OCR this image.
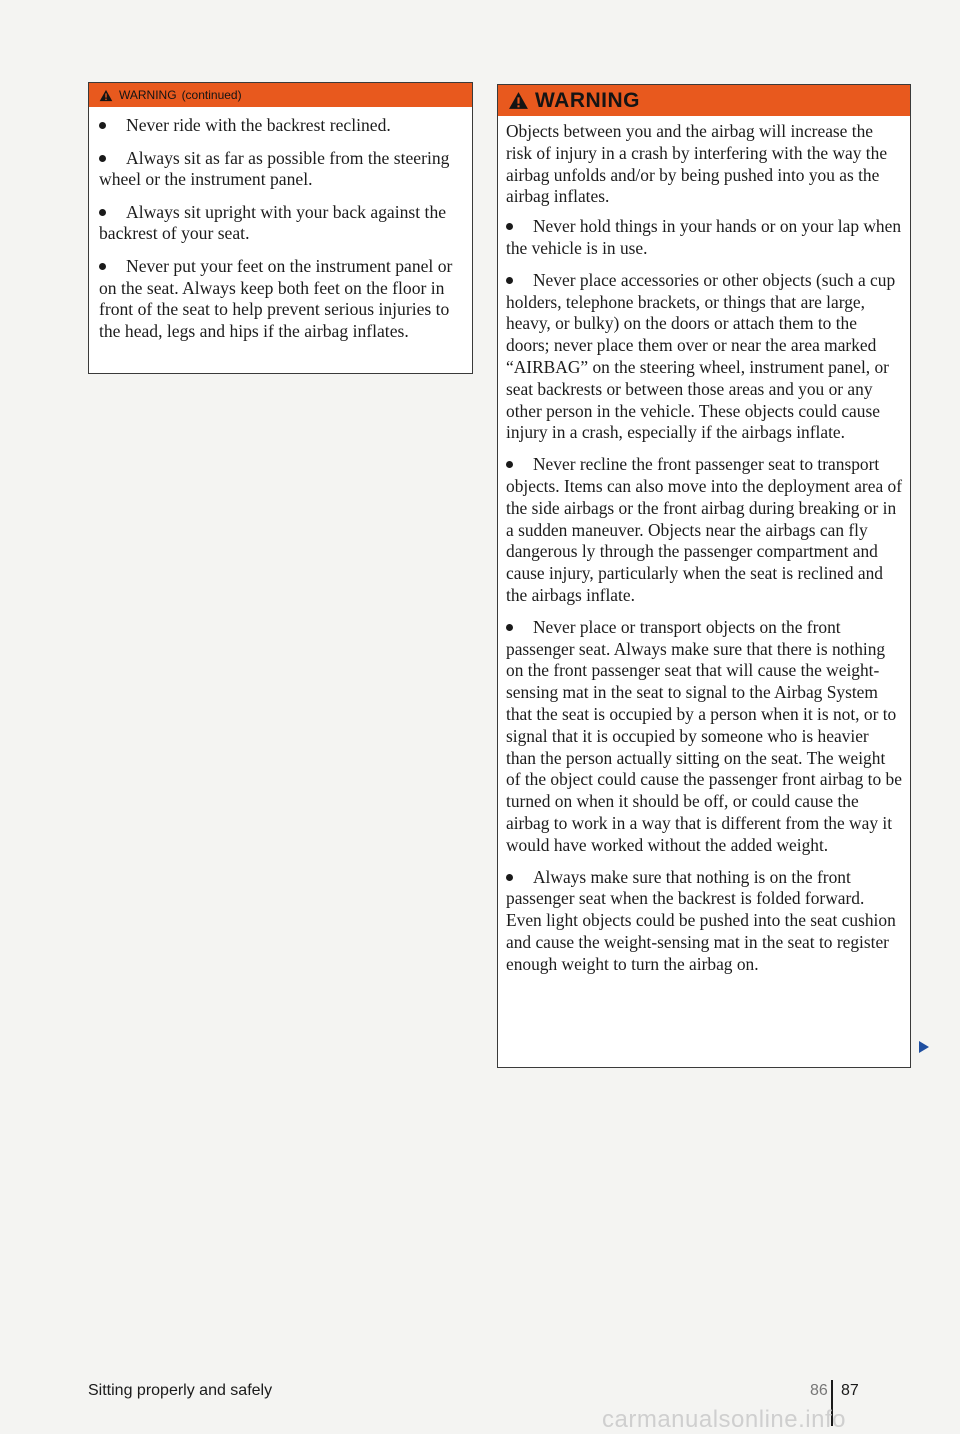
WARNING (continued)

Never ride with the backrest reclined.

Always sit as far as possible from the steering wheel or the instrument panel.

Always sit upright with your back against the backrest of your seat.

Never put your feet on the instrument panel or on the seat. Always keep both feet on the floor in front of the seat to help prevent serious injuries to the head, legs and hips if the airbag inflates.

WARNING

Objects between you and the airbag will increase the risk of injury in a crash by interfering with the way the airbag unfolds and/or by being pushed into you as the airbag inflates.

Never hold things in your hands or on your lap when the vehicle is in use.

Never place accessories or other objects (such a cup holders, telephone brackets, or things that are large, heavy, or bulky) on the doors or attach them to the doors; never place them over or near the area marked “AIRBAG” on the steering wheel, instrument panel, or seat backrests or between those areas and you or any other person in the vehicle. These objects could cause injury in a crash, especially if the airbags inflate.

Never recline the front passenger seat to transport objects. Items can also move into the deployment area of the side airbags or the front airbag during breaking or in a sudden maneuver. Objects near the airbags can fly dangerous ly through the passenger compartment and cause injury, particularly when the seat is reclined and the airbags inflate.

Never place or transport objects on the front passenger seat. Always make sure that there is nothing on the front passenger seat that will cause the weight-sensing mat in the seat to signal to the Airbag System that the seat is occupied by a person when it is not, or to signal that it is occupied by someone who is heavier than the person actually sitting on the seat. The weight of the object could cause the passenger front airbag to be turned on when it should be off, or could cause the airbag to work in a way that is different from the way it would have worked without the added weight.

Always make sure that nothing is on the front passenger seat when the backrest is folded forward. Even light objects could be pushed into the seat cushion and cause the weight-sensing mat in the seat to register enough weight to turn the airbag on.

Sitting properly and safely	86 87
carmanualsonline.info
